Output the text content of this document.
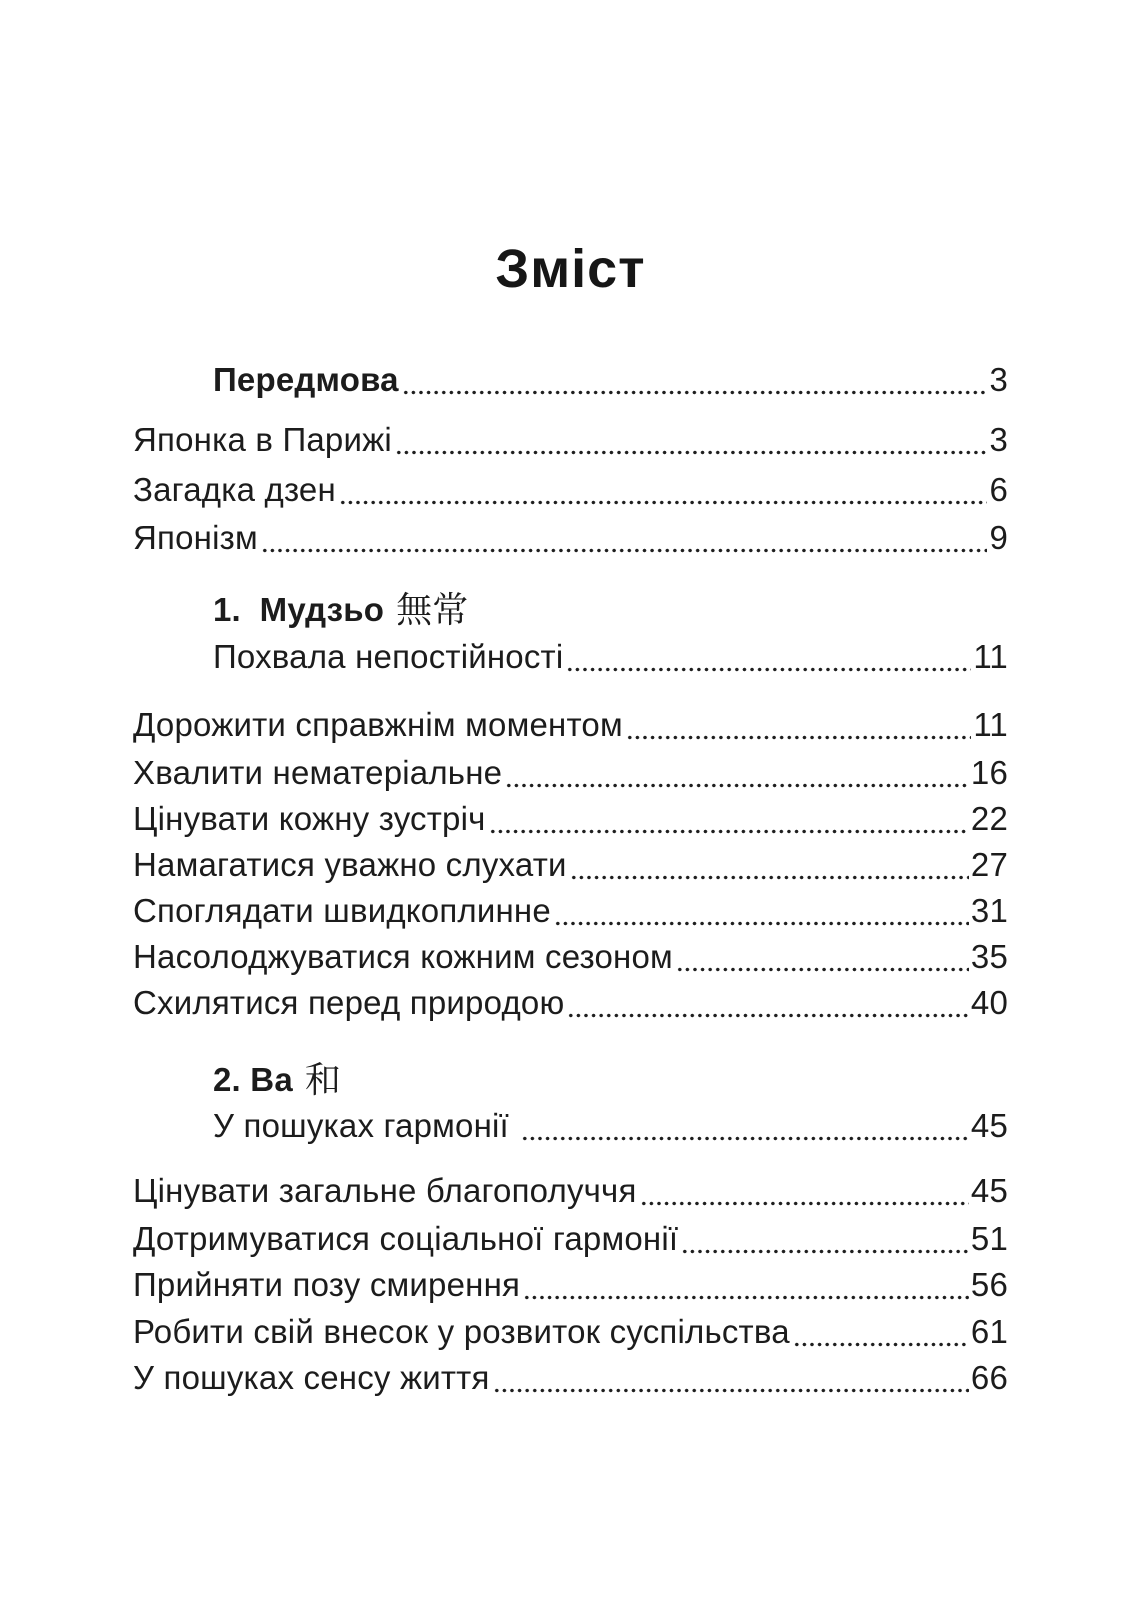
Зміст
Передмова	3
Японка в Парижі	3
Загадка дзен	6
Японізм	9
1.  Мудзьо 無常
Похвала непостійності	11
Дорожити справжнім моментом	11
Хвалити нематеріальне	16
Цінувати кожну зустріч	22
Намагатися уважно слухати	27
Споглядати швидкоплинне	31
Насолоджуватися кожним сезоном	35
Схилятися перед природою	40
2. Ва 和
У пошуках гармонії	45
Цінувати загальне благополуччя	45
Дотримуватися соціальної гармонії	51
Прийняти позу смирення	56
Робити свій внесок у розвиток суспільства	61
У пошуках сенсу життя	66
